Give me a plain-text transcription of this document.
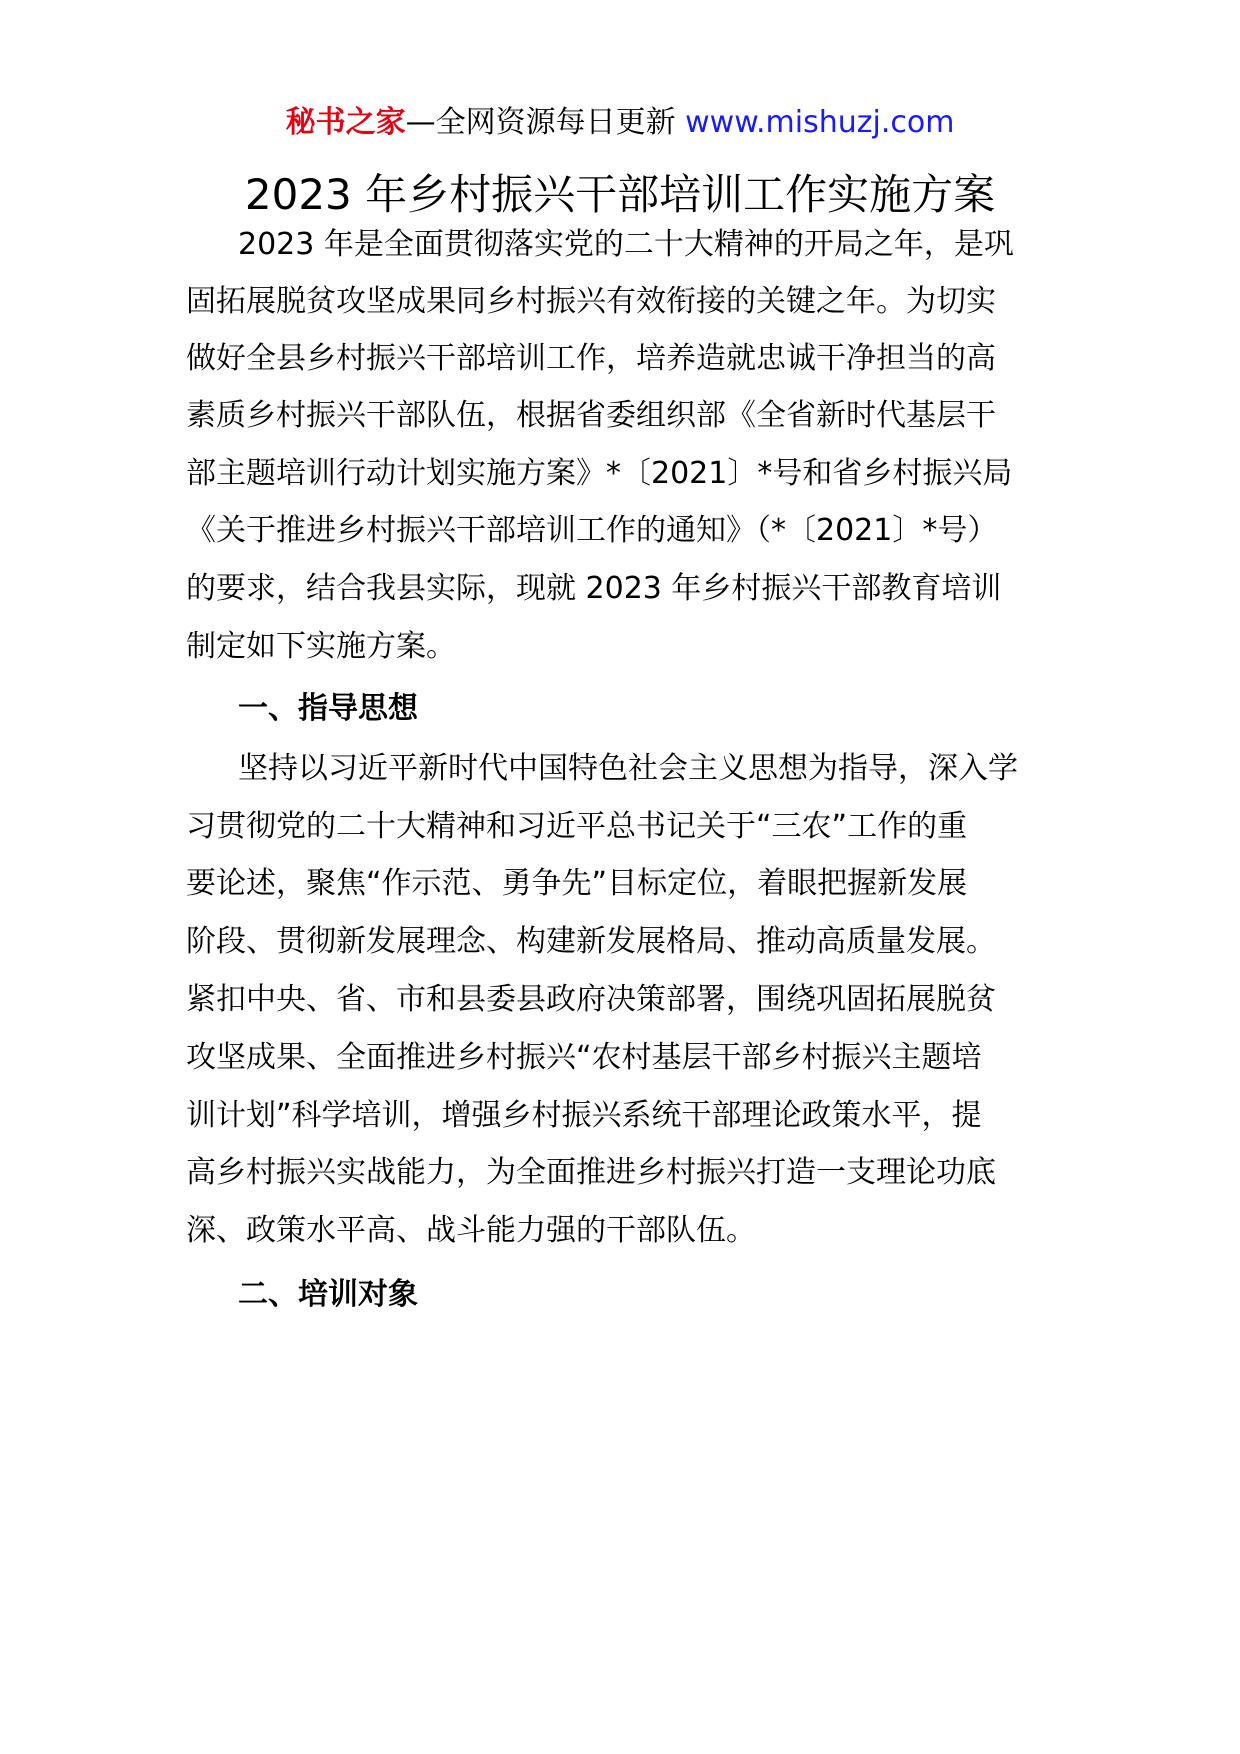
秘书之家—全网资源每日更新 www.mishuzj.com
2023 年乡村振兴干部培训工作实施方案
2023 年是全面贯彻落实党的二十大精神的开局之年，是巩
固拓展脱贫攻坚成果同乡村振兴有效衔接的关键之年。为切实
做好全县乡村振兴干部培训工作，培养造就忠诚干净担当的高
素质乡村振兴干部队伍，根据省委组织部《全省新时代基层干
部主题培训行动计划实施方案》*〔2021〕*号和省乡村振兴局
《关于推进乡村振兴干部培训工作的通知》（*〔2021〕*号）
的要求，结合我县实际，现就 2023 年乡村振兴干部教育培训
制定如下实施方案。
一、指导思想
坚持以习近平新时代中国特色社会主义思想为指导，深入学
习贯彻党的二十大精神和习近平总书记关于“三农”工作的重
要论述，聚焦“作示范、勇争先”目标定位，着眼把握新发展
阶段、贯彻新发展理念、构建新发展格局、推动高质量发展。
紧扣中央、省、市和县委县政府决策部署，围绕巩固拓展脱贫
攻坚成果、全面推进乡村振兴“农村基层干部乡村振兴主题培
训计划”科学培训，增强乡村振兴系统干部理论政策水平，提
高乡村振兴实战能力，为全面推进乡村振兴打造一支理论功底
深、政策水平高、战斗能力强的干部队伍。
二、培训对象
